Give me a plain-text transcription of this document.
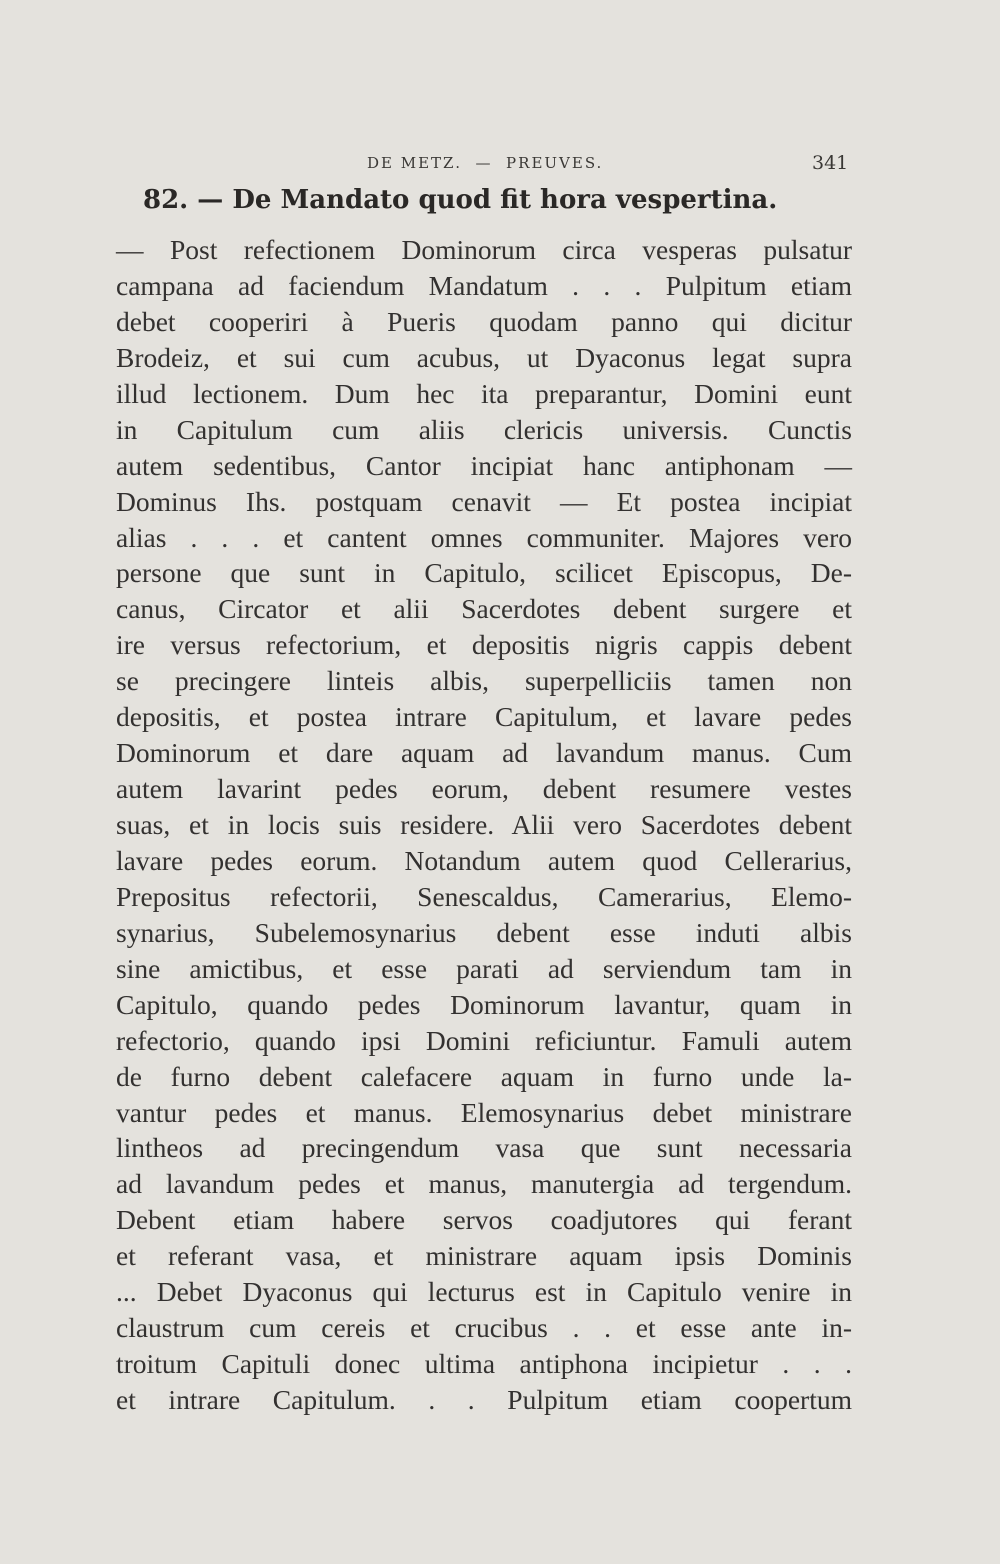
DE METZ.  —  PREUVES.	341
82. — De Mandato quod fit hora vespertina.
— Post refectionem Dominorum circa vesperas pulsatur
campana ad faciendum Mandatum . . . Pulpitum etiam
debet cooperiri à Pueris quodam panno qui dicitur
Brodeiz, et sui cum acubus, ut Dyaconus legat supra
illud lectionem. Dum hec ita preparantur, Domini eunt
in Capitulum cum aliis clericis universis. Cunctis
autem sedentibus, Cantor incipiat hanc antiphonam —
Dominus Ihs. postquam cenavit — Et postea incipiat
alias . . . et cantent omnes communiter. Majores vero
persone que sunt in Capitulo, scilicet Episcopus, De-
canus, Circator et alii Sacerdotes debent surgere et
ire versus refectorium, et depositis nigris cappis debent
se precingere linteis albis, superpelliciis tamen non
depositis, et postea intrare Capitulum, et lavare pedes
Dominorum et dare aquam ad lavandum manus. Cum
autem lavarint pedes eorum, debent resumere vestes
suas, et in locis suis residere. Alii vero Sacerdotes debent
lavare pedes eorum. Notandum autem quod Cellerarius,
Prepositus refectorii, Senescaldus, Camerarius, Elemo-
synarius, Subelemosynarius debent esse induti albis
sine amictibus, et esse parati ad serviendum tam in
Capitulo, quando pedes Dominorum lavantur, quam in
refectorio, quando ipsi Domini reficiuntur. Famuli autem
de furno debent calefacere aquam in furno unde la-
vantur pedes et manus. Elemosynarius debet ministrare
lintheos ad precingendum vasa que sunt necessaria
ad lavandum pedes et manus, manutergia ad tergendum.
Debent etiam habere servos coadjutores qui ferant
et referant vasa, et ministrare aquam ipsis Dominis
... Debet Dyaconus qui lecturus est in Capitulo venire in
claustrum cum cereis et crucibus . . et esse ante in-
troitum Capituli donec ultima antiphona incipietur . . .
et intrare Capitulum. . . Pulpitum etiam coopertum
